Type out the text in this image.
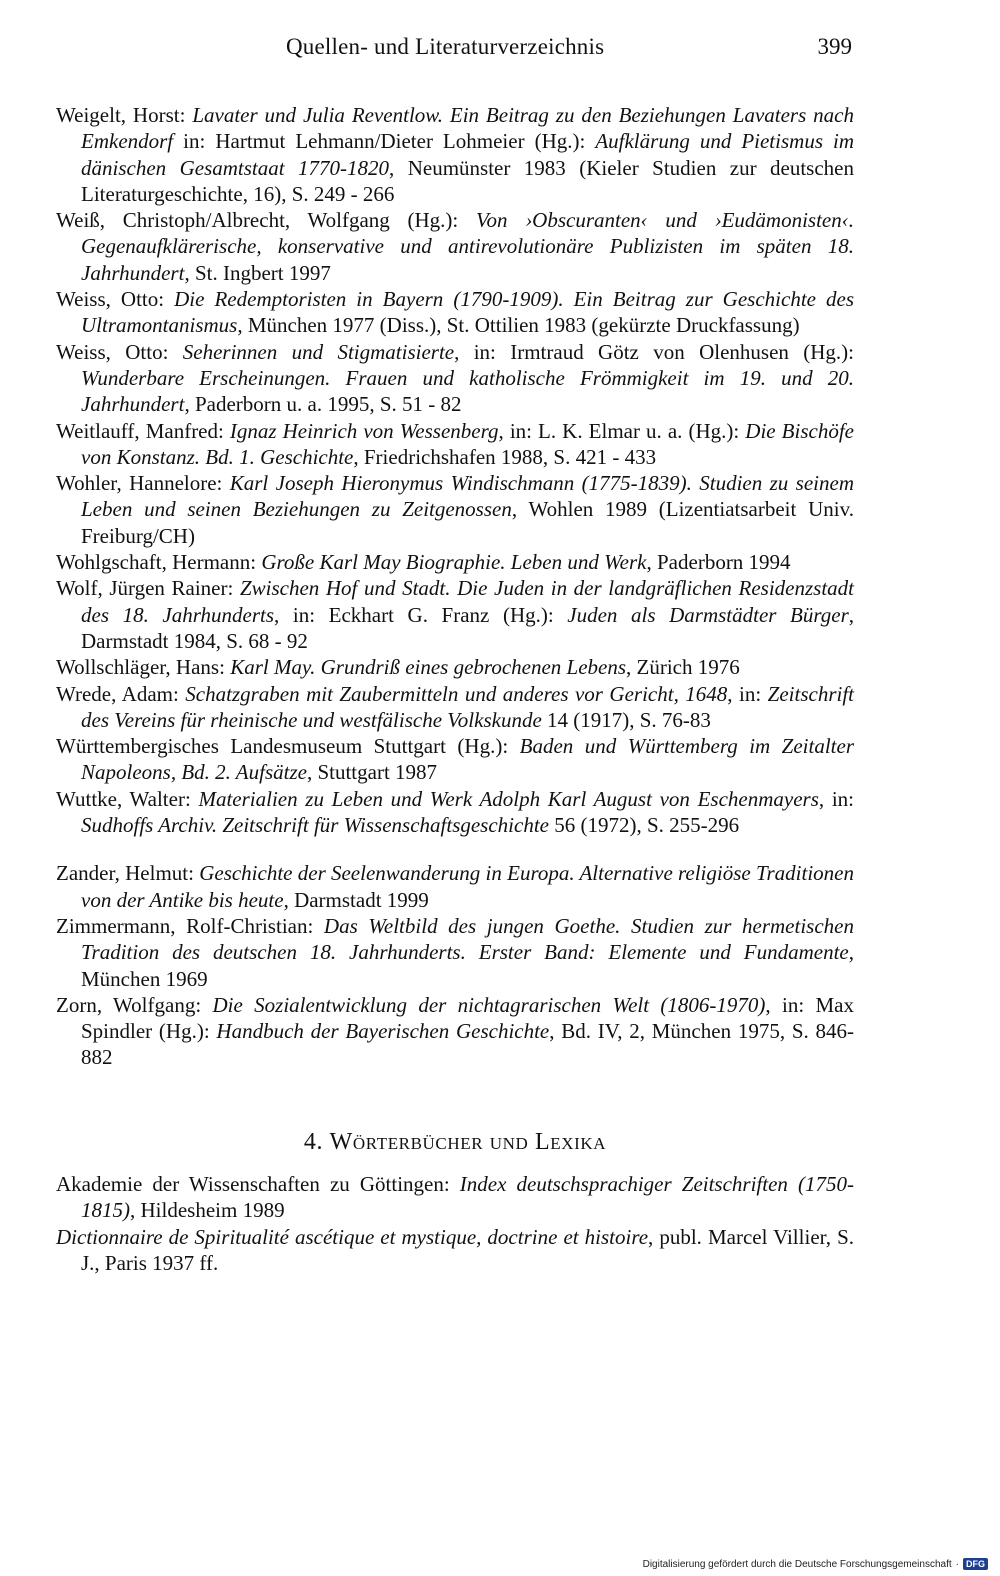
Quellen- und Literaturverzeichnis	399

Weigelt, Horst: Lavater und Julia Reventlow. Ein Beitrag zu den Beziehungen Lavaters nach Emkendorf in: Hartmut Lehmann/Dieter Lohmeier (Hg.): Aufklärung und Pietismus im dänischen Gesamtstaat 1770-1820, Neumünster 1983 (Kieler Studien zur deutschen Literaturgeschichte, 16), S. 249 - 266

Weiß, Christoph/Albrecht, Wolfgang (Hg.): Von ›Obscuranten‹ und ›Eudämonisten‹. Gegenaufklärerische, konservative und antirevolutionäre Publizisten im späten 18. Jahrhundert, St. Ingbert 1997

Weiss, Otto: Die Redemptoristen in Bayern (1790-1909). Ein Beitrag zur Geschichte des Ultramontanismus, München 1977 (Diss.), St. Ottilien 1983 (gekürzte Druckfassung)

Weiss, Otto: Seherinnen und Stigmatisierte, in: Irmtraud Götz von Olenhusen (Hg.): Wunderbare Erscheinungen. Frauen und katholische Frömmigkeit im 19. und 20. Jahrhundert, Paderborn u. a. 1995, S. 51 - 82

Weitlauff, Manfred: Ignaz Heinrich von Wessenberg, in: L. K. Elmar u. a. (Hg.): Die Bischöfe von Konstanz. Bd. 1. Geschichte, Friedrichshafen 1988, S. 421 - 433

Wohler, Hannelore: Karl Joseph Hieronymus Windischmann (1775-1839). Studien zu seinem Leben und seinen Beziehungen zu Zeitgenossen, Wohlen 1989 (Lizentiatsarbeit Univ. Freiburg/CH)

Wohlgschaft, Hermann: Große Karl May Biographie. Leben und Werk, Paderborn 1994

Wolf, Jürgen Rainer: Zwischen Hof und Stadt. Die Juden in der landgräflichen Residenzstadt des 18. Jahrhunderts, in: Eckhart G. Franz (Hg.): Juden als Darmstädter Bürger, Darmstadt 1984, S. 68 - 92

Wollschläger, Hans: Karl May. Grundriß eines gebrochenen Lebens, Zürich 1976

Wrede, Adam: Schatzgraben mit Zaubermitteln und anderes vor Gericht, 1648, in: Zeitschrift des Vereins für rheinische und westfälische Volkskunde 14 (1917), S. 76-83

Württembergisches Landesmuseum Stuttgart (Hg.): Baden und Württemberg im Zeitalter Napoleons, Bd. 2. Aufsätze, Stuttgart 1987

Wuttke, Walter: Materialien zu Leben und Werk Adolph Karl August von Eschenmayers, in: Sudhoffs Archiv. Zeitschrift für Wissenschaftsgeschichte 56 (1972), S. 255-296

Zander, Helmut: Geschichte der Seelenwanderung in Europa. Alternative religiöse Traditionen von der Antike bis heute, Darmstadt 1999

Zimmermann, Rolf-Christian: Das Weltbild des jungen Goethe. Studien zur hermetischen Tradition des deutschen 18. Jahrhunderts. Erster Band: Elemente und Fundamente, München 1969

Zorn, Wolfgang: Die Sozialentwicklung der nichtagrarischen Welt (1806-1970), in: Max Spindler (Hg.): Handbuch der Bayerischen Geschichte, Bd. IV, 2, München 1975, S. 846-882

4. Wörterbücher und Lexika

Akademie der Wissenschaften zu Göttingen: Index deutschsprachiger Zeitschriften (1750-1815), Hildesheim 1989

Dictionnaire de Spiritualité ascétique et mystique, doctrine et histoire, publ. Marcel Villier, S. J., Paris 1937 ff.

Digitalisierung gefördert durch die Deutsche Forschungsgemeinschaft · DFG
